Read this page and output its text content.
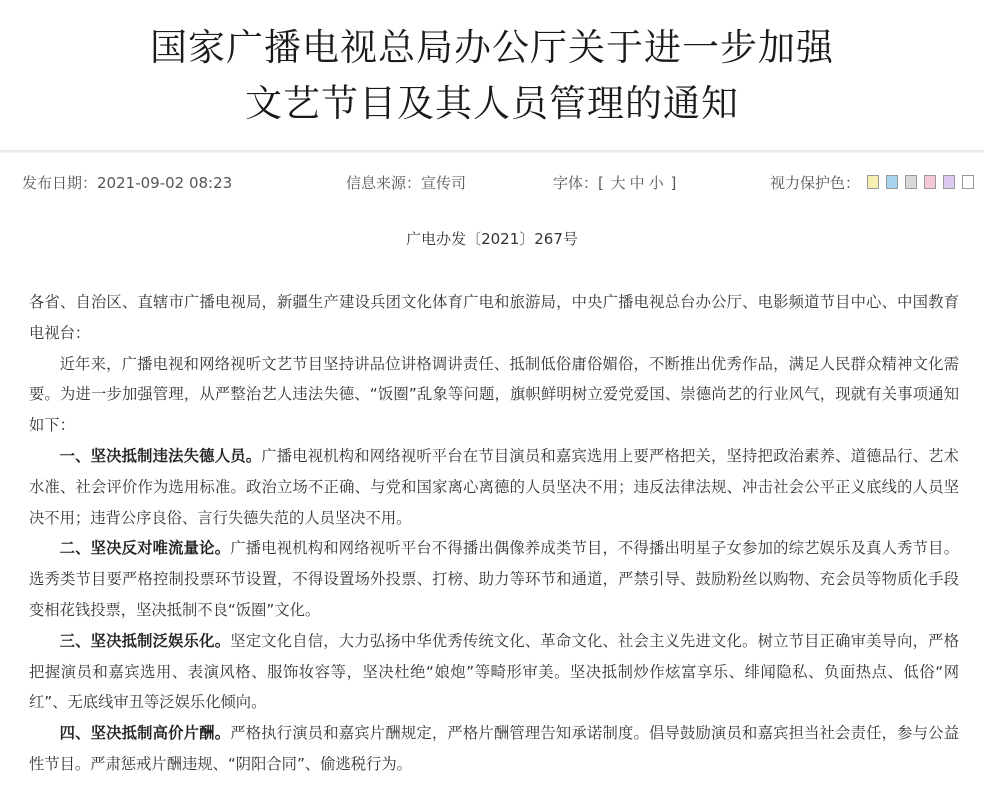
国家广播电视总局办公厅关于进一步加强
文艺节目及其人员管理的通知
发布日期：2021-09-02 08:23	信息来源：宣传司	字体：[ 大 中 小 ]	视力保护色：
广电办发〔2021〕267号

各省、自治区、直辖市广播电视局，新疆生产建设兵团文化体育广电和旅游局，中央广播电视总台办公厅、电影频道节目中心、中国教育电视台：

近年来，广播电视和网络视听文艺节目坚持讲品位讲格调讲责任、抵制低俗庸俗媚俗，不断推出优秀作品，满足人民群众精神文化需要。为进一步加强管理，从严整治艺人违法失德、“饭圈”乱象等问题，旗帜鲜明树立爱党爱国、崇德尚艺的行业风气，现就有关事项通知如下：

一、坚决抵制违法失德人员。广播电视机构和网络视听平台在节目演员和嘉宾选用上要严格把关，坚持把政治素养、道德品行、艺术水准、社会评价作为选用标准。政治立场不正确、与党和国家离心离德的人员坚决不用；违反法律法规、冲击社会公平正义底线的人员坚决不用；违背公序良俗、言行失德失范的人员坚决不用。

二、坚决反对唯流量论。广播电视机构和网络视听平台不得播出偶像养成类节目，不得播出明星子女参加的综艺娱乐及真人秀节目。选秀类节目要严格控制投票环节设置，不得设置场外投票、打榜、助力等环节和通道，严禁引导、鼓励粉丝以购物、充会员等物质化手段变相花钱投票，坚决抵制不良“饭圈”文化。

三、坚决抵制泛娱乐化。坚定文化自信，大力弘扬中华优秀传统文化、革命文化、社会主义先进文化。树立节目正确审美导向，严格把握演员和嘉宾选用、表演风格、服饰妆容等，坚决杜绝“娘炮”等畸形审美。坚决抵制炒作炫富享乐、绯闻隐私、负面热点、低俗“网红”、无底线审丑等泛娱乐化倾向。

四、坚决抵制高价片酬。严格执行演员和嘉宾片酬规定，严格片酬管理告知承诺制度。倡导鼓励演员和嘉宾担当社会责任，参与公益性节目。严肃惩戒片酬违规、“阴阳合同”、偷逃税行为。
